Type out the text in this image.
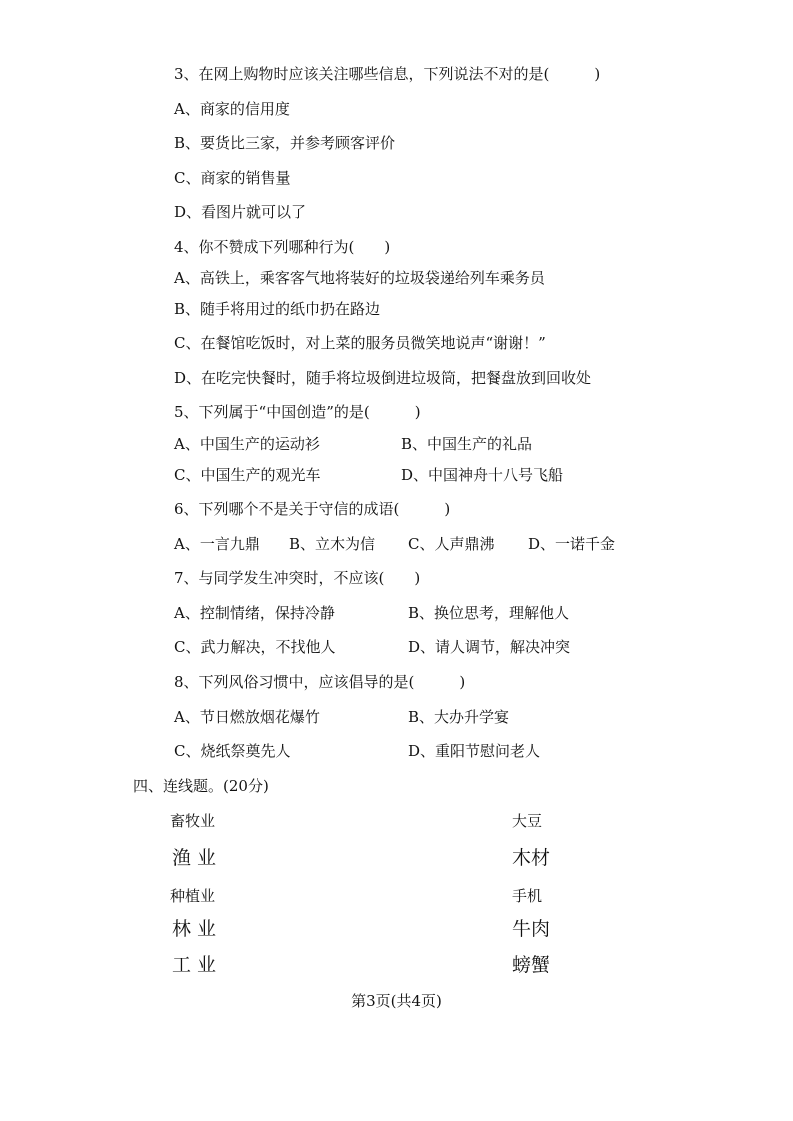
3、在网上购物时应该关注哪些信息，下列说法不对的是(　　　)
A、商家的信用度
B、要货比三家，并参考顾客评价
C、商家的销售量
D、看图片就可以了
4、你不赞成下列哪种行为(　　)
A、高铁上，乘客客气地将装好的垃圾袋递给列车乘务员
B、随手将用过的纸巾扔在路边
C、在餐馆吃饭时，对上菜的服务员微笑地说声“谢谢！”
D、在吃完快餐时，随手将垃圾倒进垃圾筒，把餐盘放到回收处
5、下列属于“中国创造”的是(　　　)
A、中国生产的运动衫	B、中国生产的礼品
C、中国生产的观光车	D、中国神舟十八号飞船
6、下列哪个不是关于守信的成语(　　　)
A、一言九鼎 B、立木为信 C、人声鼎沸 D、一诺千金
7、与同学发生冲突时，不应该(　　)
A、控制情绪，保持冷静	B、换位思考，理解他人
C、武力解决，不找他人	D、请人调节，解决冲突
8、下列风俗习惯中，应该倡导的是(　　　)
A、节日燃放烟花爆竹	B、大办升学宴
C、烧纸祭奠先人	D、重阳节慰问老人
四、连线题。(20分)
畜牧业
渔 业
种植业
林 业
工 业
大豆
木材
手机
牛肉
螃蟹
第3页(共4页)
